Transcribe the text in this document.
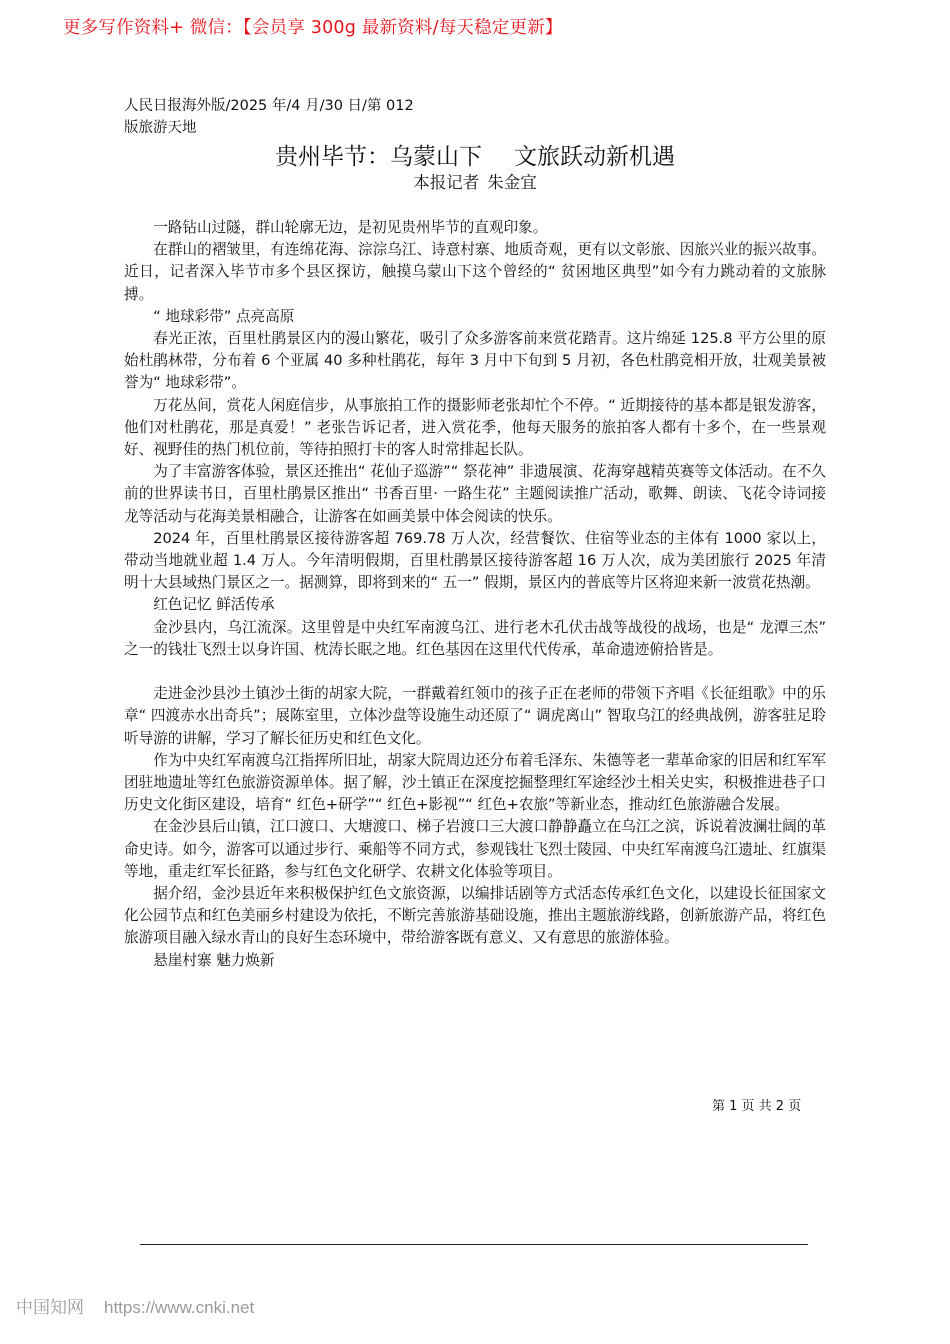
更多写作资料+ 微信：【会员享 300g 最新资料/每天稳定更新】
人民日报海外版/2025 年/4 月/30 日/第 012 版旅游天地
贵州毕节：乌蒙山下 文旅跃动新机遇
本报记者 朱金宜

一路钻山过隧，群山轮廓无边，是初见贵州毕节的直观印象。

在群山的褶皱里，有连绵花海、淙淙乌江、诗意村寨、地质奇观，更有以文彰旅、因旅兴业的振兴故事。近日，记者深入毕节市多个县区探访，触摸乌蒙山下这个曾经的“ 贫困地区典型”如今有力跳动着的文旅脉搏。

“ 地球彩带” 点亮高原

春光正浓，百里杜鹃景区内的漫山繁花，吸引了众多游客前来赏花踏青。这片绵延 125.8 平方公里的原始杜鹃林带，分布着 6 个亚属 40 多种杜鹃花，每年 3 月中下旬到 5 月初，各色杜鹃竞相开放，壮观美景被誉为“ 地球彩带”。

万花丛间，赏花人闲庭信步，从事旅拍工作的摄影师老张却忙个不停。“ 近期接待的基本都是银发游客，他们对杜鹃花，那是真爱！” 老张告诉记者，进入赏花季，他每天服务的旅拍客人都有十多个，在一些景观好、视野佳的热门机位前，等待拍照打卡的客人时常排起长队。

为了丰富游客体验，景区还推出“ 花仙子巡游”“ 祭花神” 非遗展演、花海穿越精英赛等文体活动。在不久前的世界读书日，百里杜鹃景区推出“ 书香百里· 一路生花” 主题阅读推广活动，歌舞、朗读、飞花令诗词接龙等活动与花海美景相融合，让游客在如画美景中体会阅读的快乐。

2024 年，百里杜鹃景区接待游客超 769.78 万人次，经营餐饮、住宿等业态的主体有 1000 家以上，带动当地就业超 1.4 万人。今年清明假期，百里杜鹃景区接待游客超 16 万人次，成为美团旅行 2025 年清明十大县域热门景区之一。据测算，即将到来的“ 五一” 假期，景区内的普底等片区将迎来新一波赏花热潮。

红色记忆 鲜活传承

金沙县内，乌江流深。这里曾是中央红军南渡乌江、进行老木孔伏击战等战役的战场，也是“ 龙潭三杰” 之一的钱壮飞烈士以身许国、枕涛长眠之地。红色基因在这里代代传承，革命遗迹俯拾皆是。

走进金沙县沙土镇沙土街的胡家大院，一群戴着红领巾的孩子正在老师的带领下齐唱《长征组歌》中的乐章“ 四渡赤水出奇兵”；展陈室里，立体沙盘等设施生动还原了“ 调虎离山” 智取乌江的经典战例，游客驻足聆听导游的讲解，学习了解长征历史和红色文化。

作为中央红军南渡乌江指挥所旧址，胡家大院周边还分布着毛泽东、朱德等老一辈革命家的旧居和红军军团驻地遗址等红色旅游资源单体。据了解，沙土镇正在深度挖掘整理红军途经沙土相关史实，积极推进巷子口历史文化街区建设，培育“ 红色+研学”“ 红色+影视”“ 红色+农旅”等新业态，推动红色旅游融合发展。

在金沙县后山镇，江口渡口、大塘渡口、梯子岩渡口三大渡口静静矗立在乌江之滨，诉说着波澜壮阔的革命史诗。如今，游客可以通过步行、乘船等不同方式，参观钱壮飞烈士陵园、中央红军南渡乌江遗址、红旗渠等地，重走红军长征路，参与红色文化研学、农耕文化体验等项目。

据介绍，金沙县近年来积极保护红色文旅资源，以编排话剧等方式活态传承红色文化，以建设长征国家文化公园节点和红色美丽乡村建设为依托，不断完善旅游基础设施，推出主题旅游线路，创新旅游产品，将红色旅游项目融入绿水青山的良好生态环境中，带给游客既有意义、又有意思的旅游体验。

悬崖村寨 魅力焕新

第 1 页 共 2 页
中国知网 https://www.cnki.net
